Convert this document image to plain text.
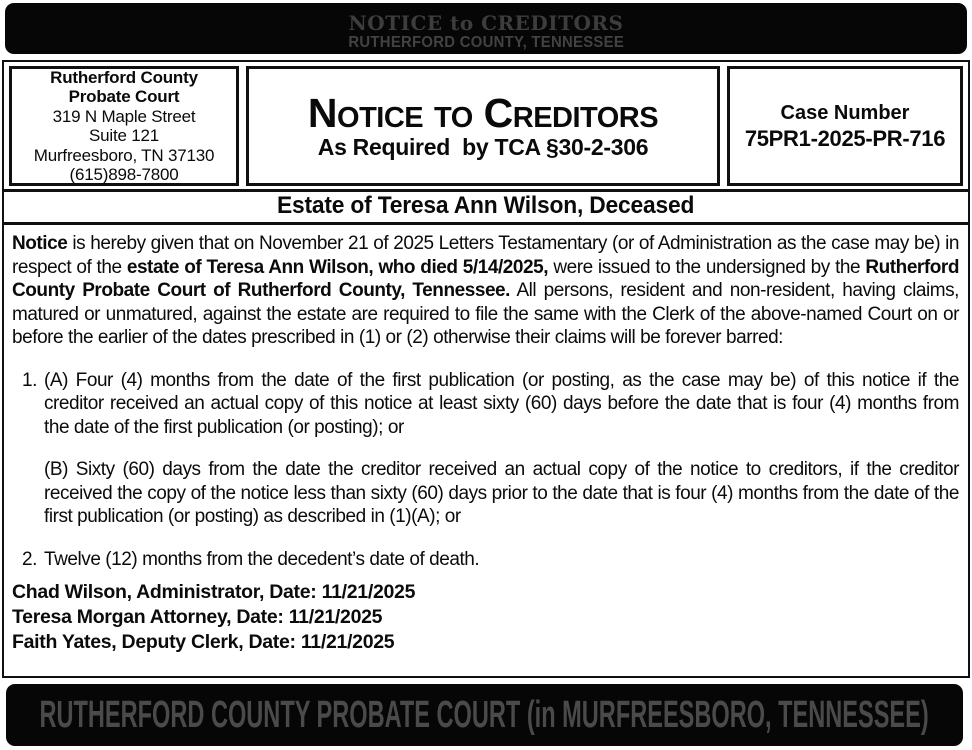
NOTICE to CREDITORS
RUTHERFORD COUNTY, TENNESSEE
Rutherford County
Probate Court
319 N Maple Street
Suite 121
Murfreesboro, TN 37130
(615)898-7800
Notice to Creditors
As Required  by TCA §30-2-306
Case Number
75PR1-2025-PR-716
Estate of Teresa Ann Wilson, Deceased

Notice is hereby given that on November 21 of 2025 Letters Testamentary (or of Administration as the case may be) in respect of the estate of Teresa Ann Wilson, who died 5/14/2025, were issued to the undersigned by the Rutherford County Probate Court of Rutherford County, Tennessee. All persons, resident and non-resident, having claims, matured or unmatured, against the estate are required to file the same with the Clerk of the above-named Court on or before the earlier of the dates prescribed in (1) or (2) otherwise their claims will be forever barred:

1. (A) Four (4) months from the date of the first publication (or posting, as the case may be) of this notice if the creditor received an actual copy of this notice at least sixty (60) days before the date that is four (4) months from the date of the first publication (or posting); or

(B) Sixty (60) days from the date the creditor received an actual copy of the notice to creditors, if the creditor received the copy of the notice less than sixty (60) days prior to the date that is four (4) months from the date of the first publication (or posting) as described in (1)(A); or

2. Twelve (12) months from the decedent’s date of death.

Chad Wilson, Administrator, Date: 11/21/2025
Teresa Morgan Attorney, Date: 11/21/2025
Faith Yates, Deputy Clerk, Date: 11/21/2025
RUTHERFORD COUNTY PROBATE COURT (in MURFREESBORO, TENNESSEE)
